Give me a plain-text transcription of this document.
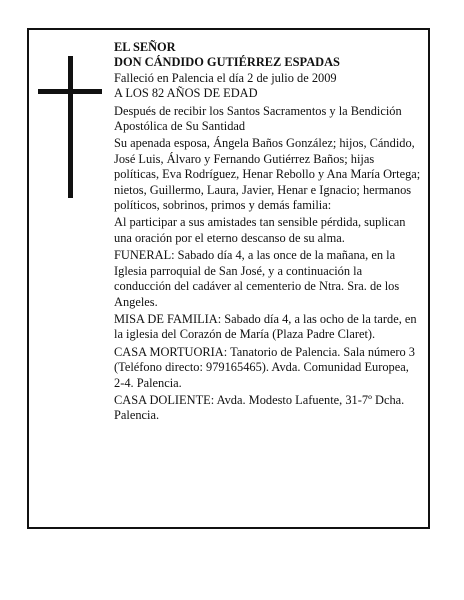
EL SEÑOR

DON CÁNDIDO GUTIÉRREZ ESPADAS

Falleció en Palencia el día 2 de julio de 2009

A LOS 82 AÑOS DE EDAD

Después de recibir los Santos Sacramentos y la Bendición Apostólica de Su Santidad

Su apenada esposa, Ángela Baños González; hijos, Cándido, José Luis, Álvaro y Fernando Gutiérrez Baños; hijas políticas, Eva Rodríguez, Henar Rebollo y Ana María Ortega; nietos, Guillermo, Laura, Javier, Henar e Ignacio; hermanos políticos, sobrinos, primos y demás familia:

Al participar a sus amistades tan sensible pérdida, suplican una oración por el eterno descanso de su alma.

FUNERAL: Sabado día 4, a las once de la mañana, en la Iglesia parroquial de San José, y a continuación la conducción del cadáver al cementerio de Ntra. Sra. de los Angeles.

MISA DE FAMILIA: Sabado día 4, a las ocho de la tarde, en la iglesia del Corazón de María (Plaza Padre Claret).

CASA MORTUORIA: Tanatorio de Palencia. Sala número 3 (Teléfono directo: 979165465). Avda. Comunidad Europea, 2-4. Palencia.

CASA DOLIENTE: Avda. Modesto Lafuente, 31-7º Dcha. Palencia.
